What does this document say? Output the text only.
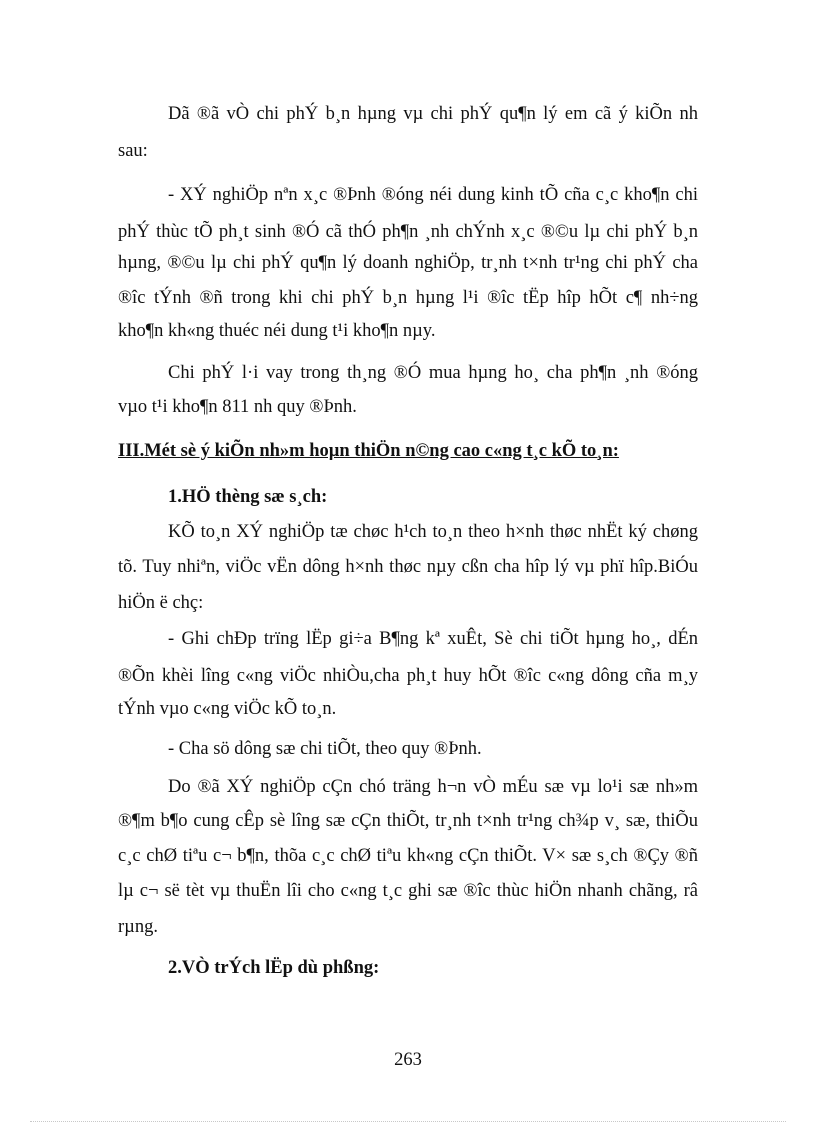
Dã ®ã vÒ chi phÝ b¸n hµng vµ chi phÝ qu¶n lý em cã ý kiÕn nh
sau:
- XÝ nghiÖp nªn x¸c ®Þnh ®óng néi dung kinh tÕ cña c¸c kho¶n chi
phÝ thùc tÕ ph¸t sinh ®Ó cã thÓ ph¶n ¸nh chÝnh x¸c ®©u lµ chi phÝ b¸n
hµng, ®©u lµ chi phÝ qu¶n lý doanh nghiÖp, tr¸nh t×nh tr¹ng chi phÝ cha
®îc tÝnh ®ñ trong khi chi phÝ b¸n hµng l¹i ®îc tËp hîp hÕt c¶ nh÷ng
kho¶n kh«ng thuéc néi dung t¹i kho¶n nµy.
Chi phÝ l·i vay trong th¸ng ®Ó mua hµng ho¸ cha ph¶n ¸nh ®óng
vµo t¹i kho¶n 811 nh quy ®Þnh.
III.Mét sè ý kiÕn nh»m hoµn thiÖn n©ng cao c«ng t¸c kÕ to¸n:
1.HÖ thèng sæ s¸ch:
KÕ to¸n XÝ nghiÖp tæ chøc h¹ch to¸n theo h×nh thøc nhËt ký chøng
tõ. Tuy nhiªn, viÖc vËn dông h×nh thøc nµy cßn cha hîp lý vµ phï hîp.BiÓu
hiÖn ë chç:
- Ghi chÐp trïng lËp gi÷a B¶ng kª xuÊt, Sè chi tiÕt hµng ho¸, dÉn
®Õn khèi lîng c«ng viÖc nhiÒu,cha ph¸t huy hÕt ®îc c«ng dông cña m¸y
tÝnh vµo c«ng viÖc kÕ to¸n.
- Cha sö dông sæ chi tiÕt, theo quy ®Þnh.
Do ®ã XÝ nghiÖp cÇn chó träng h¬n vÒ mÉu sæ vµ lo¹i sæ nh»m
®¶m b¶o cung cÊp sè lîng sæ cÇn thiÕt, tr¸nh t×nh tr¹ng ch¾p v¸ sæ, thiÕu
c¸c chØ tiªu c¬ b¶n, thõa c¸c chØ tiªu kh«ng cÇn thiÕt. V× sæ s¸ch ®Çy ®ñ
lµ c¬ së tèt vµ thuËn lîi cho c«ng t¸c ghi sæ ®îc thùc hiÖn nhanh chãng, râ
rµng.
2.VÒ trÝch lËp dù phßng:
263
